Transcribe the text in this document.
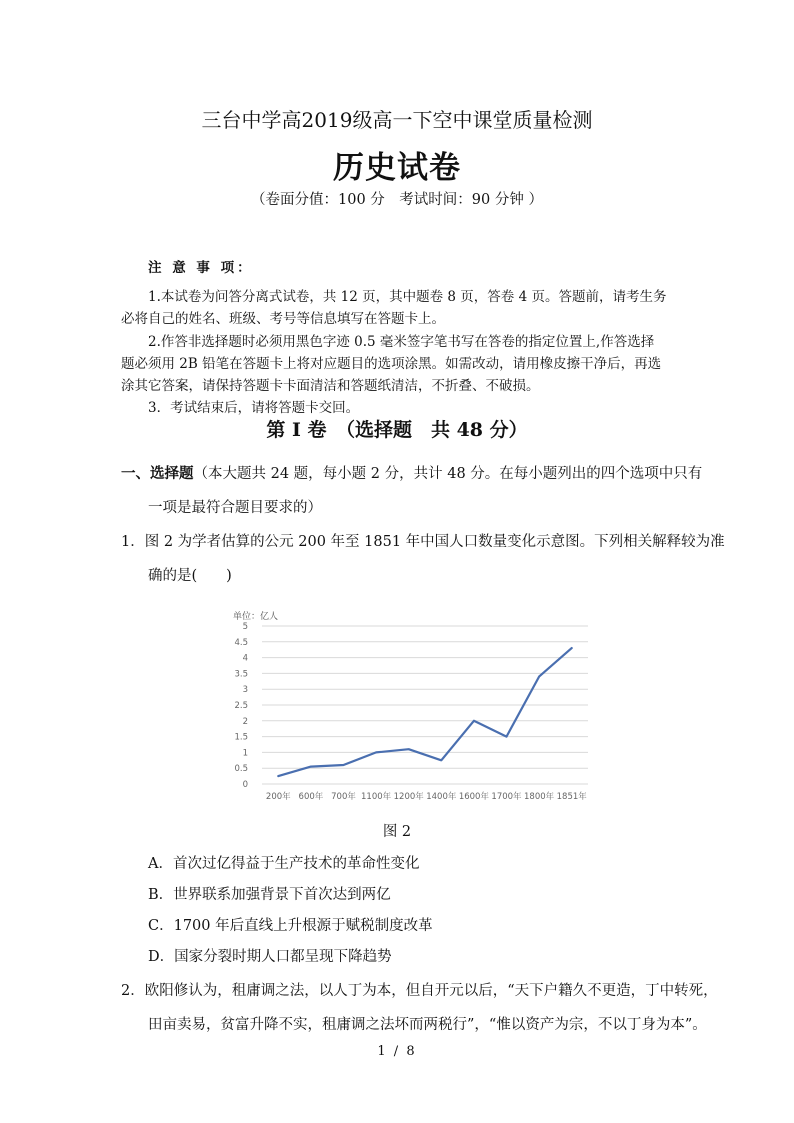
三台中学高2019级高一下空中课堂质量检测
历史试卷
（卷面分值：100 分　考试时间：90 分钟 ）
注 意 事 项：
1.本试卷为问答分离式试卷，共 12 页，其中题卷 8 页，答卷 4 页。答题前，请考生务
必将自己的姓名、班级、考号等信息填写在答题卡上。
2.作答非选择题时必须用黑色字迹 0.5 毫米签字笔书写在答卷的指定位置上,作答选择
题必须用 2B 铅笔在答题卡上将对应题目的选项涂黑。如需改动，请用橡皮擦干净后，再选
涂其它答案，请保持答题卡卡面清洁和答题纸清洁，不折叠、不破损。
3．考试结束后，请将答题卡交回。
第 I 卷　（选择题　共 48 分）
一、选择题（本大题共 24 题，每小题 2 分，共计 48 分。在每小题列出的四个选项中只有
一项是最符合题目要求的）
1．图 2 为学者估算的公元 200 年至 1851 年中国人口数量变化示意图。下列相关解释较为准
确的是(　　)
单位：亿人
0
0.5
1
1.5
2
2.5
3
3.5
4
4.5
5
200年 600年 700年 1100年 1200年 1400年 1600年 1700年 1800年 1851年
图 2
A．首次过亿得益于生产技术的革命性变化
B．世界联系加强背景下首次达到两亿
C．1700 年后直线上升根源于赋税制度改革
D．国家分裂时期人口都呈现下降趋势
2．欧阳修认为，租庸调之法，以人丁为本，但自开元以后，“天下户籍久不更造，丁中转死，
田亩卖易，贫富升降不实，租庸调之法坏而两税行”，“惟以资产为宗，不以丁身为本”。
1 / 8
